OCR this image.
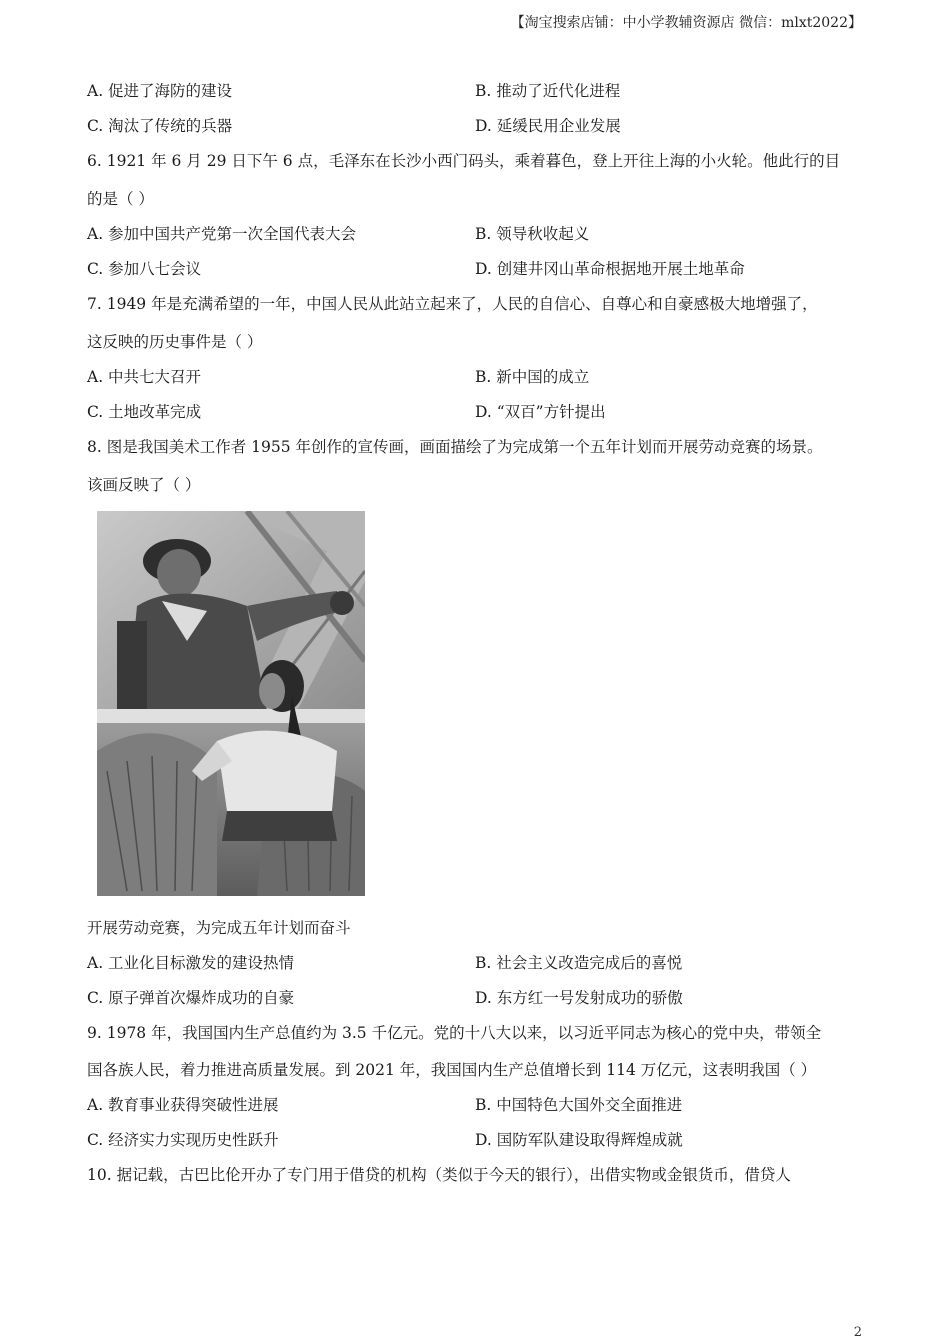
【淘宝搜索店铺：中小学教辅资源店 微信：mlxt2022】
A. 促进了海防的建设	B. 推动了近代化进程
C. 淘汰了传统的兵器	D. 延缓民用企业发展
6. 1921 年 6 月 29 日下午 6 点，毛泽东在长沙小西门码头，乘着暮色，登上开往上海的小火轮。他此行的目
的是（ ）
A. 参加中国共产党第一次全国代表大会	B. 领导秋收起义
C. 参加八七会议	D. 创建井冈山革命根据地开展土地革命
7. 1949 年是充满希望的一年，中国人民从此站立起来了，人民的自信心、自尊心和自豪感极大地增强了，
这反映的历史事件是（ ）
A. 中共七大召开	B. 新中国的成立
C. 土地改革完成	D. “双百”方针提出
8. 图是我国美术工作者 1955 年创作的宣传画，画面描绘了为完成第一个五年计划而开展劳动竞赛的场景。
该画反映了（ ）
开展劳动竞赛，为完成五年计划而奋斗
A. 工业化目标激发的建设热情	B. 社会主义改造完成后的喜悦
C. 原子弹首次爆炸成功的自豪	D. 东方红一号发射成功的骄傲
9. 1978 年，我国国内生产总值约为 3.5 千亿元。党的十八大以来，以习近平同志为核心的党中央，带领全
国各族人民，着力推进高质量发展。到 2021 年，我国国内生产总值增长到 114 万亿元，这表明我国（ ）
A. 教育事业获得突破性进展	B. 中国特色大国外交全面推进
C. 经济实力实现历史性跃升	D. 国防军队建设取得辉煌成就
10. 据记载，古巴比伦开办了专门用于借贷的机构（类似于今天的银行），出借实物或金银货币，借贷人
2
